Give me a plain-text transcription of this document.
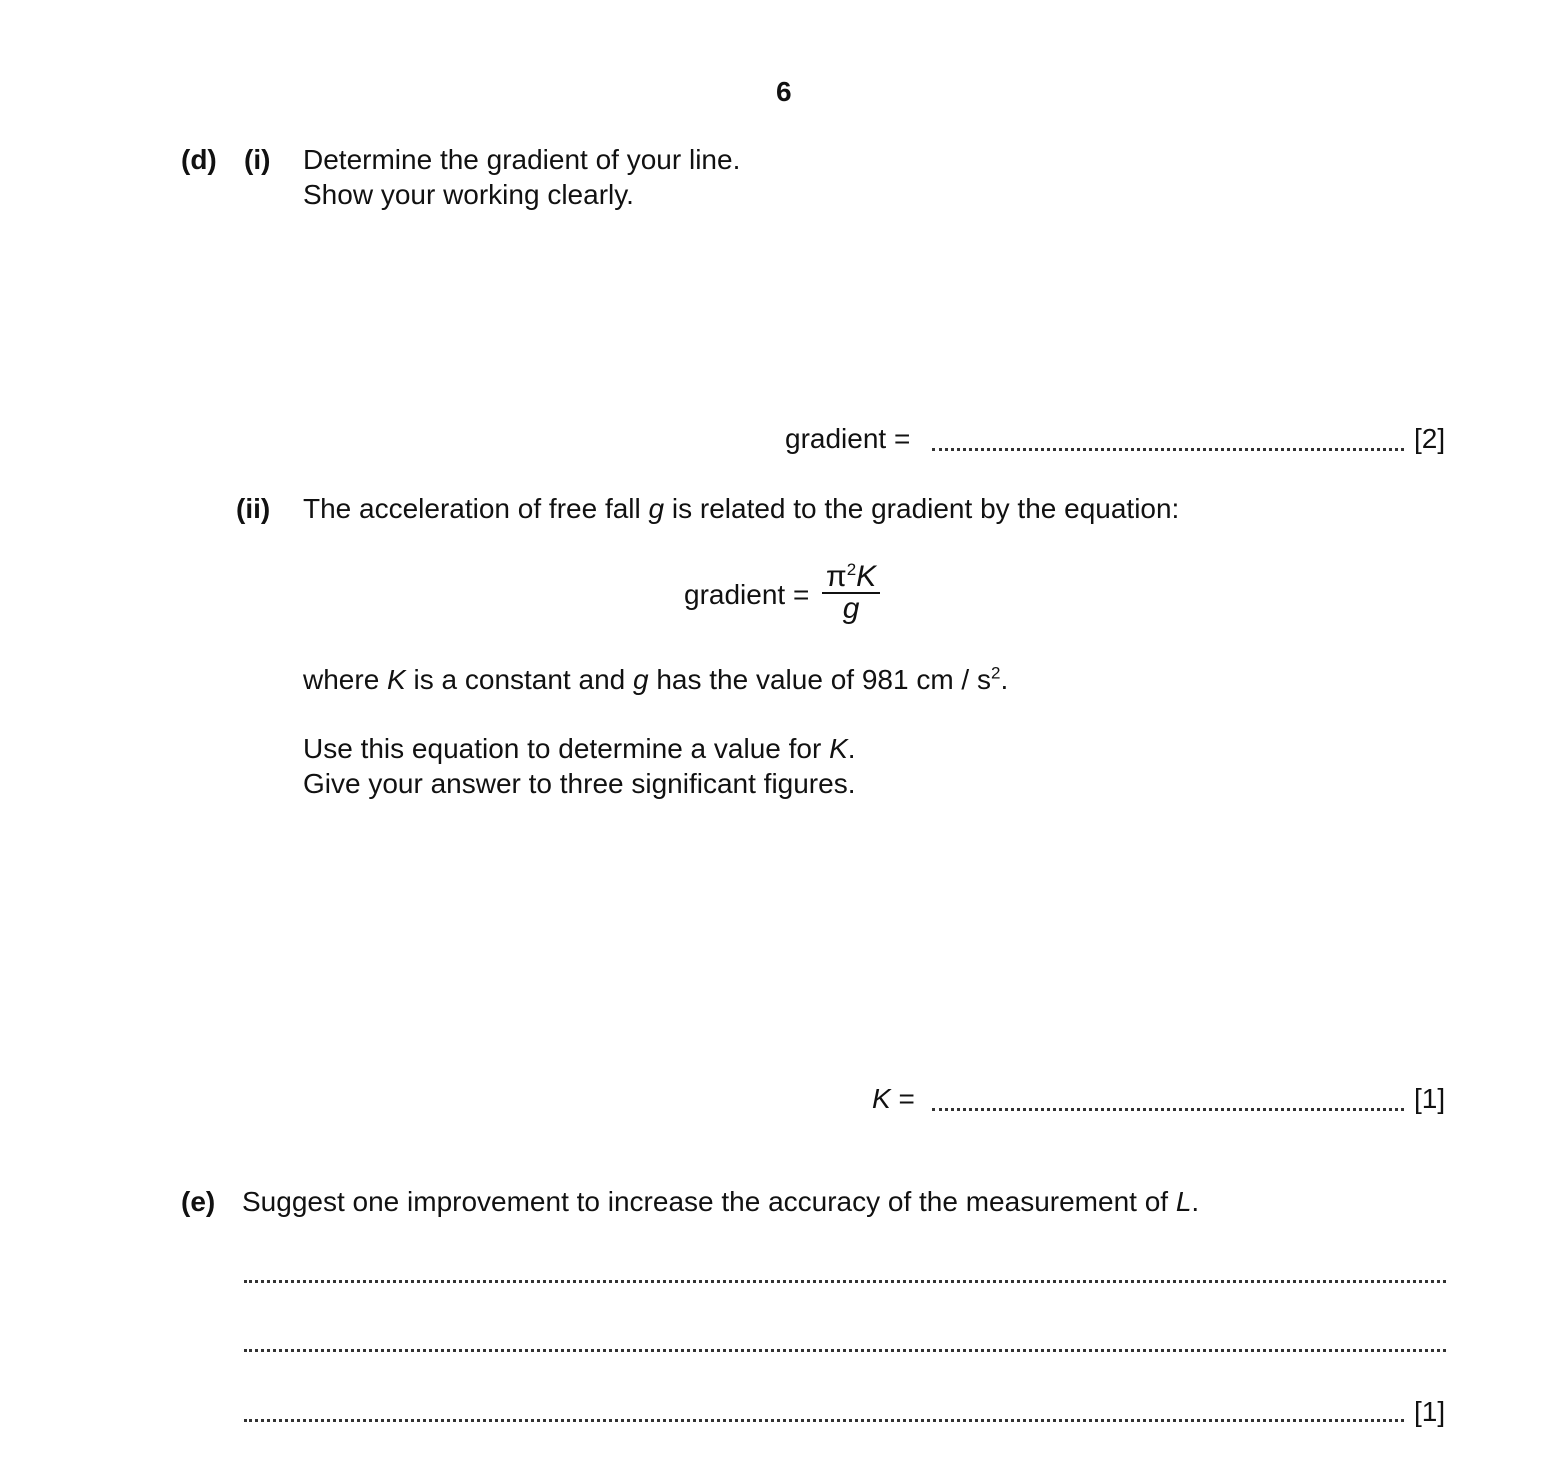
6
(d) (i) Determine the gradient of your line.
Show your working clearly.
gradient =	[2]
(ii) The acceleration of free fall g is related to the gradient by the equation:
gradient = $\frac{\pi^2K}{g}$
where K is a constant and g has the value of 981 cm / $s^2$.
Use this equation to determine a value for K.
Give your answer to three significant figures.
K =	[1]
(e) Suggest one improvement to increase the accuracy of the measurement of L.
[1]
